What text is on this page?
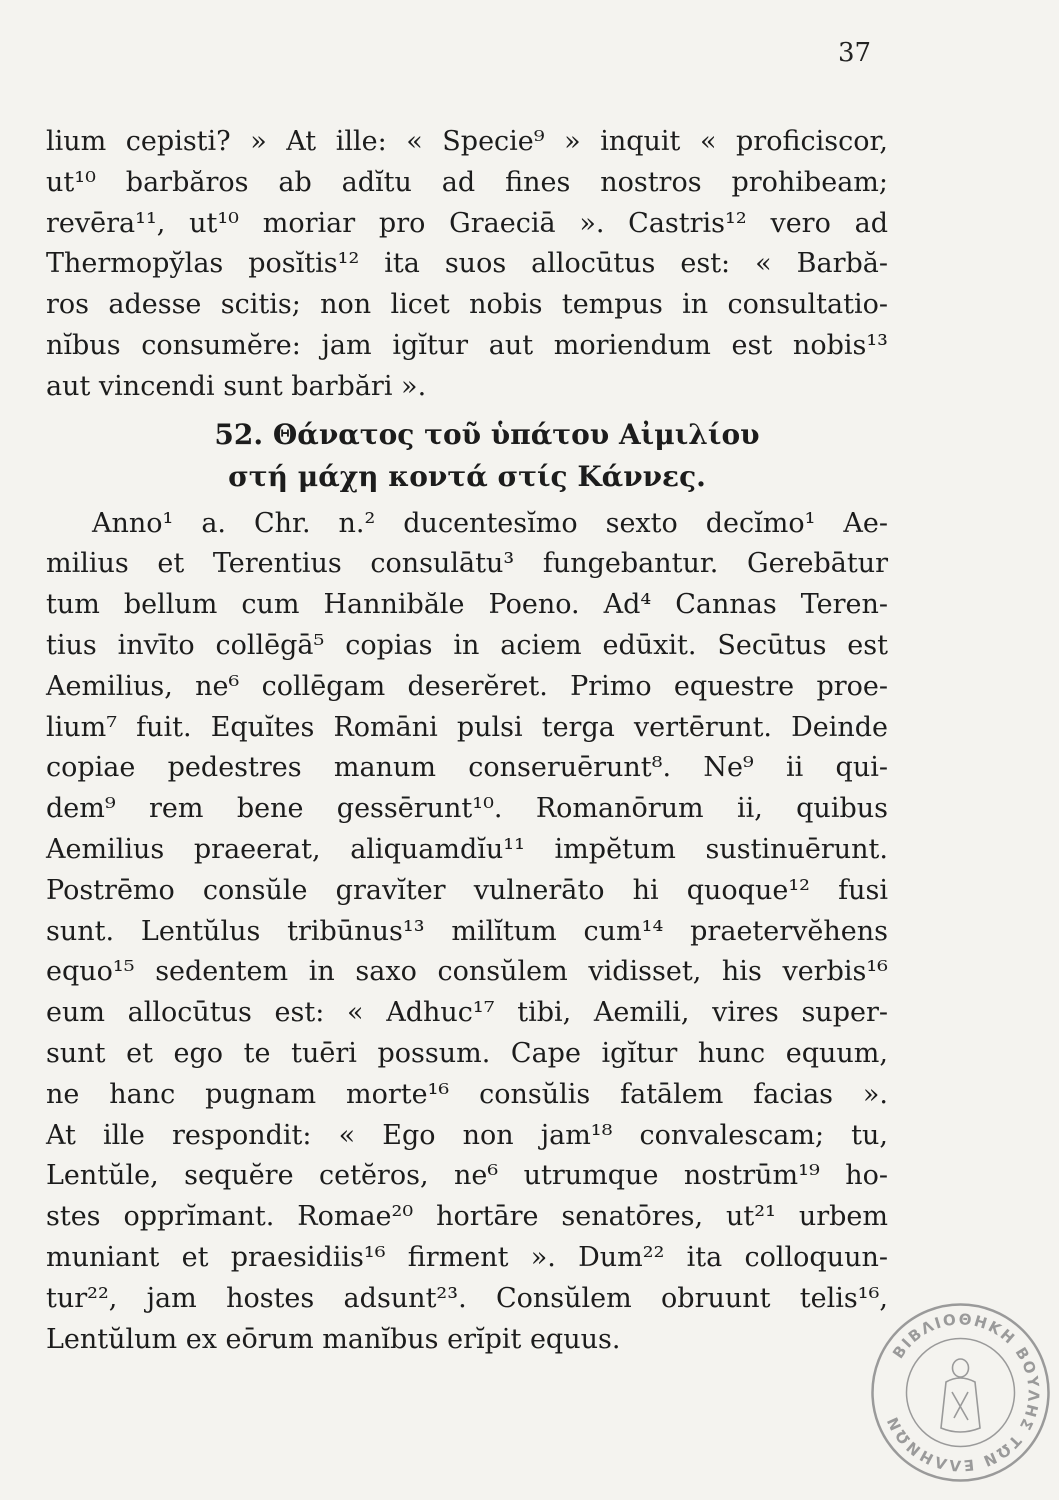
37
lium cepisti? » At ille: « Specie⁹ » inquit « proficiscor,
ut¹⁰ barbăros ab adĭtu ad fines nostros prohibeam;
revēra¹¹, ut¹⁰ moriar pro Graeciā ». Castris¹² vero ad
Thermopy̆las posĭtis¹² ita suos allocūtus est: « Barbă-
ros adesse scitis; non licet nobis tempus in consultatio-
nĭbus consumĕre: jam igĭtur aut moriendum est nobis¹³
aut vincendi sunt barbări ».
52. Θάνατος τοῦ ὑπάτου Αἰμιλίου
στή μάχη κοντά στίς Κάννες.
Anno¹ a. Chr. n.² ducentesĭmo sexto decĭmo¹ Ae-
milius et Terentius consulātu³ fungebantur. Gerebātur
tum bellum cum Hannibăle Poeno. Ad⁴ Cannas Teren-
tius invīto collēgā⁵ copias in aciem edūxit. Secūtus est
Aemilius, ne⁶ collēgam deserĕret. Primo equestre proe-
lium⁷ fuit. Equĭtes Romāni pulsi terga vertērunt. Deinde
copiae pedestres manum conseruērunt⁸. Ne⁹ ii qui-
dem⁹ rem bene gessērunt¹⁰. Romanōrum ii, quibus
Aemilius praeerat, aliquamdĭu¹¹ impĕtum sustinuērunt.
Postrēmo consŭle gravĭter vulnerāto hi quoque¹² fusi
sunt. Lentŭlus tribūnus¹³ milĭtum cum¹⁴ praetervĕhens
equo¹⁵ sedentem in saxo consŭlem vidisset, his verbis¹⁶
eum allocūtus est: « Adhuc¹⁷ tibi, Aemili, vires super-
sunt et ego te tuēri possum. Cape igĭtur hunc equum,
ne hanc pugnam morte¹⁶ consŭlis fatālem facias ».
At ille respondit: « Ego non jam¹⁸ convalescam; tu,
Lentŭle, sequĕre cetĕros, ne⁶ utrumque nostrūm¹⁹ ho-
stes opprĭmant. Romae²⁰ hortāre senatōres, ut²¹ urbem
muniant et praesidiis¹⁶ firment ». Dum²² ita colloquun-
tur²², jam hostes adsunt²³. Consŭlem obruunt telis¹⁶,
Lentŭlum ex eōrum manĭbus erĭpit equus.	ΒΙΒΛΙΟΘΗΚΗ ΒΟΥΛΗΣ ΤΩΝ ΕΛΛΗΝΩΝ
